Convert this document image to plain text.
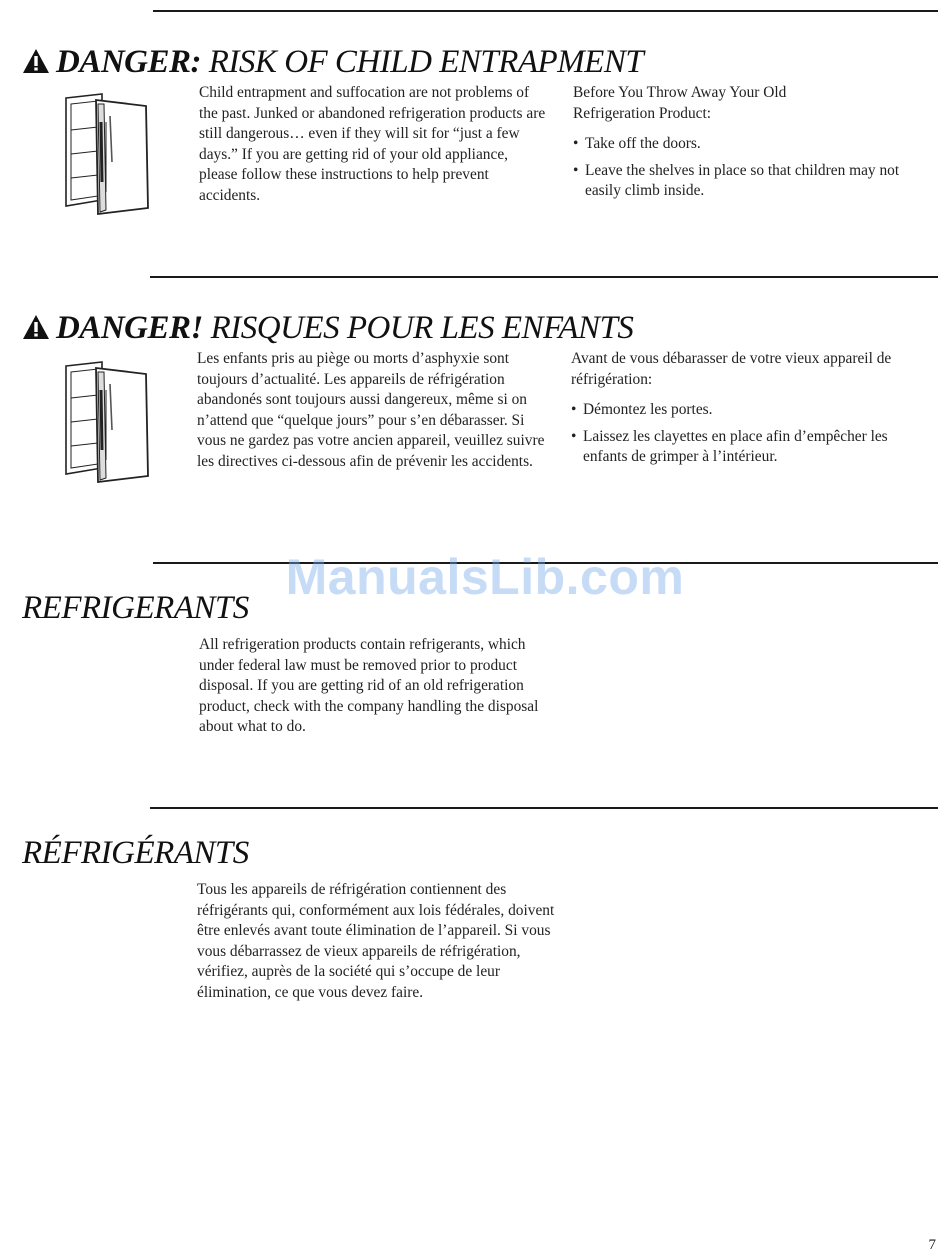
DANGER: RISK OF CHILD ENTRAPMENT

Child entrapment and suffocation are not problems of the past. Junked or abandoned refrigeration products are still dangerous… even if they will sit for “just a few days.” If you are getting rid of your old appliance, please follow these instructions to help prevent accidents.

Before You Throw Away Your Old Refrigeration Product:

• Take off the doors.
• Leave the shelves in place so that children may not easily climb inside.
DANGER! RISQUES POUR LES ENFANTS

Les enfants pris au piège ou morts d’asphyxie sont toujours d’actualité. Les appareils de réfrigération abandonés sont toujours aussi dangereux, même si on n’attend que “quelque jours” pour s’en débarasser. Si vous ne gardez pas votre ancien appareil, veuillez suivre les directives ci-dessous afin de prévenir les accidents.

Avant de vous débarasser de votre vieux appareil de réfrigération:

• Démontez les portes.
• Laissez les clayettes en place afin d’empêcher les enfants de grimper à l’intérieur.
ManualsLib.com
REFRIGERANTS

All refrigeration products contain refrigerants, which under federal law must be removed prior to product disposal. If you are getting rid of an old refrigeration product, check with the company handling the disposal about what to do.

RÉFRIGÉRANTS

Tous les appareils de réfrigération contiennent des réfrigérants qui, conformément aux lois fédérales, doivent être enlevés avant toute élimination de l’appareil. Si vous vous débarrassez de vieux appareils de réfrigération, vérifiez, auprès de la société qui s’occupe de leur élimination, ce que vous devez faire.

7
